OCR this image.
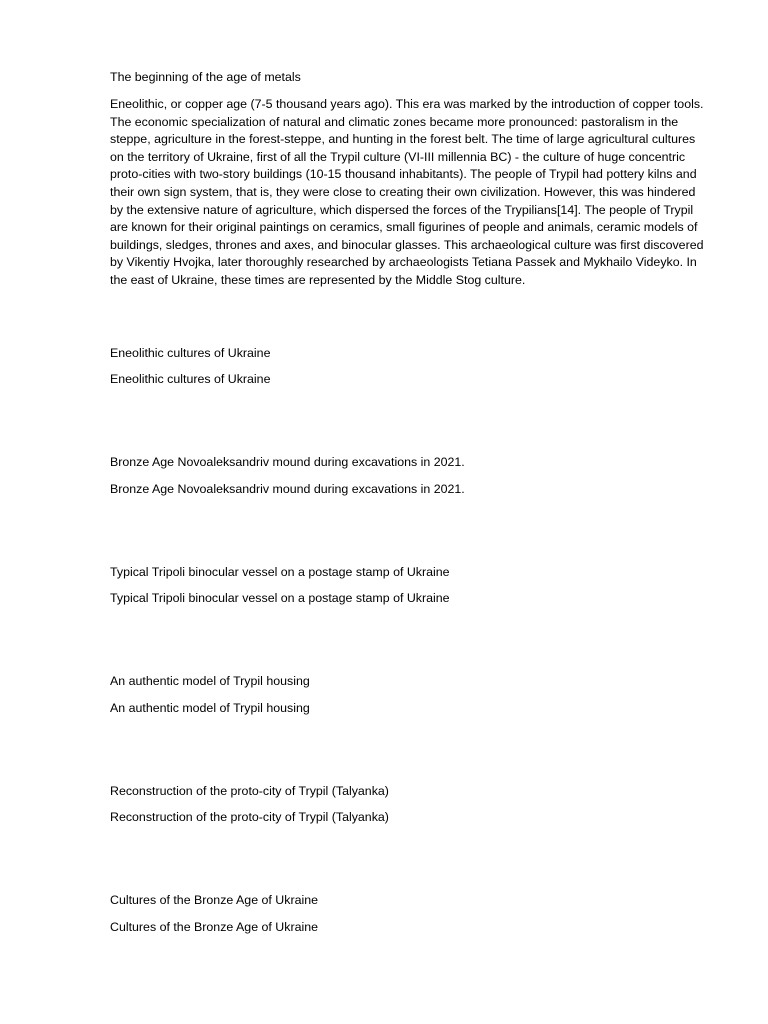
The beginning of the age of metals

Eneolithic, or copper age (7-5 thousand years ago). This era was marked by the introduction of copper tools. The economic specialization of natural and climatic zones became more pronounced: pastoralism in the steppe, agriculture in the forest-steppe, and hunting in the forest belt. The time of large agricultural cultures on the territory of Ukraine, first of all the Trypil culture (VI-III millennia BC) - the culture of huge concentric proto-cities with two-story buildings (10-15 thousand inhabitants). The people of Trypil had pottery kilns and their own sign system, that is, they were close to creating their own civilization. However, this was hindered by the extensive nature of agriculture, which dispersed the forces of the Trypilians[14]. The people of Trypil are known for their original paintings on ceramics, small figurines of people and animals, ceramic models of buildings, sledges, thrones and axes, and binocular glasses. This archaeological culture was first discovered by Vikentiy Hvojka, later thoroughly researched by archaeologists Tetiana Passek and Mykhailo Videyko. In the east of Ukraine, these times are represented by the Middle Stog culture.

Eneolithic cultures of Ukraine

Eneolithic cultures of Ukraine

Bronze Age Novoaleksandriv mound during excavations in 2021.

Bronze Age Novoaleksandriv mound during excavations in 2021.

Typical Tripoli binocular vessel on a postage stamp of Ukraine

Typical Tripoli binocular vessel on a postage stamp of Ukraine

An authentic model of Trypil housing

An authentic model of Trypil housing

Reconstruction of the proto-city of Trypil (Talyanka)

Reconstruction of the proto-city of Trypil (Talyanka)

Cultures of the Bronze Age of Ukraine

Cultures of the Bronze Age of Ukraine
